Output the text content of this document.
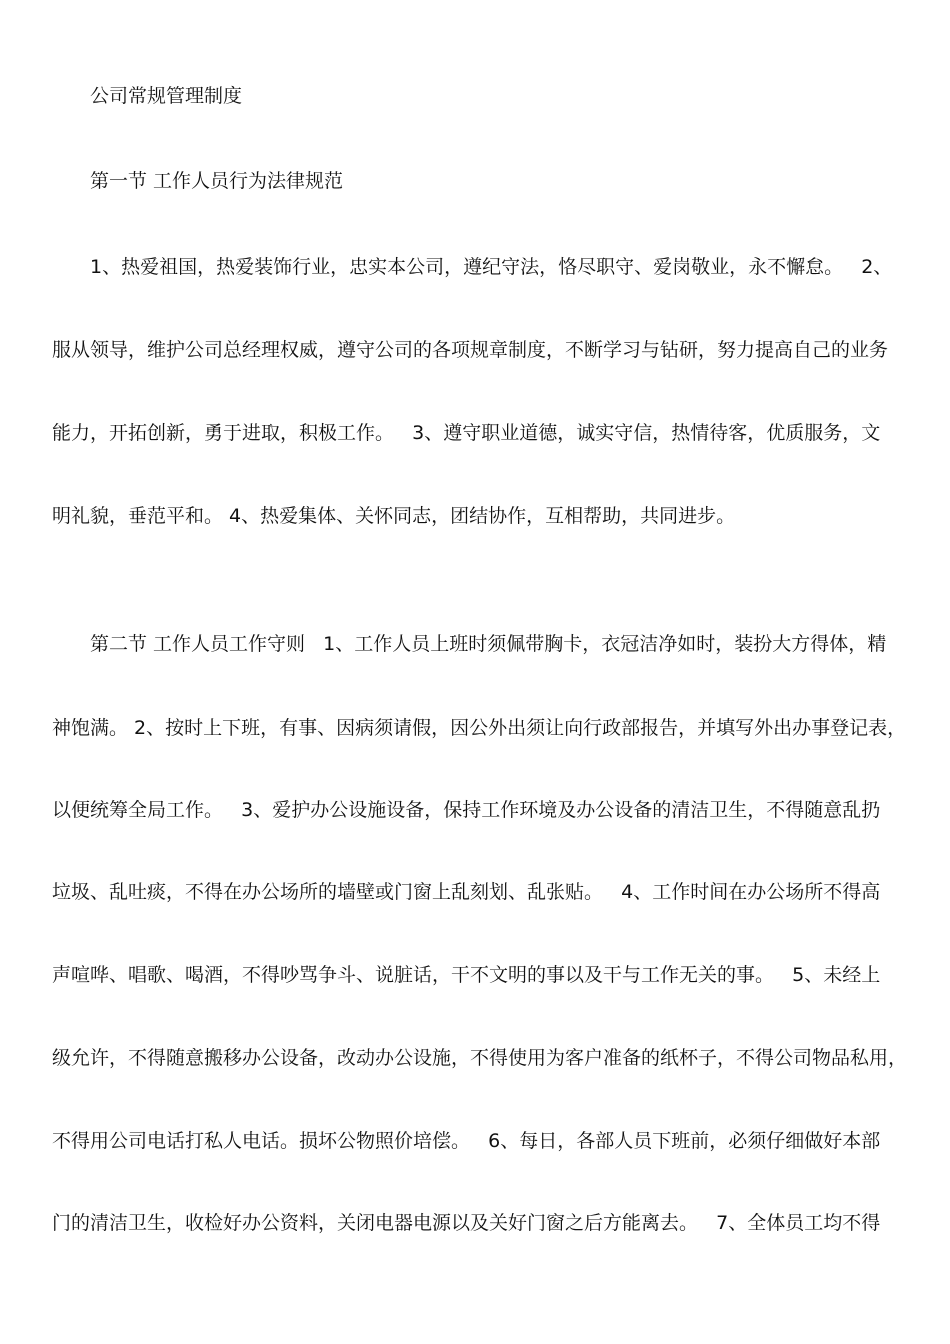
公司常规管理制度
第一节 工作人员行为法律规范
1、热爱祖国，热爱装饰行业，忠实本公司，遵纪守法，恪尽职守、爱岗敬业，永不懈怠。   2、
服从领导，维护公司总经理权威，遵守公司的各项规章制度，不断学习与钻研，努力提高自己的业务
能力，开拓创新，勇于进取，积极工作。   3、遵守职业道德，诚实守信，热情待客，优质服务，文
明礼貌，垂范平和。 4、热爱集体、关怀同志，团结协作，互相帮助，共同进步。
第二节 工作人员工作守则   1、工作人员上班时须佩带胸卡，衣冠洁净如时，装扮大方得体，精
神饱满。 2、按时上下班，有事、因病须请假，因公外出须让向行政部报告，并填写外出办事登记表，
以便统筹全局工作。   3、爱护办公设施设备，保持工作环境及办公设备的清洁卫生，不得随意乱扔
垃圾、乱吐痰，不得在办公场所的墙壁或门窗上乱刻划、乱张贴。   4、工作时间在办公场所不得高
声喧哗、唱歌、喝酒，不得吵骂争斗、说脏话，干不文明的事以及干与工作无关的事。   5、未经上
级允许，不得随意搬移办公设备，改动办公设施，不得使用为客户准备的纸杯子，不得公司物品私用，
不得用公司电话打私人电话。损坏公物照价培偿。   6、每日，各部人员下班前，必须仔细做好本部
门的清洁卫生，收检好办公资料，关闭电器电源以及关好门窗之后方能离去。   7、全体员工均不得
